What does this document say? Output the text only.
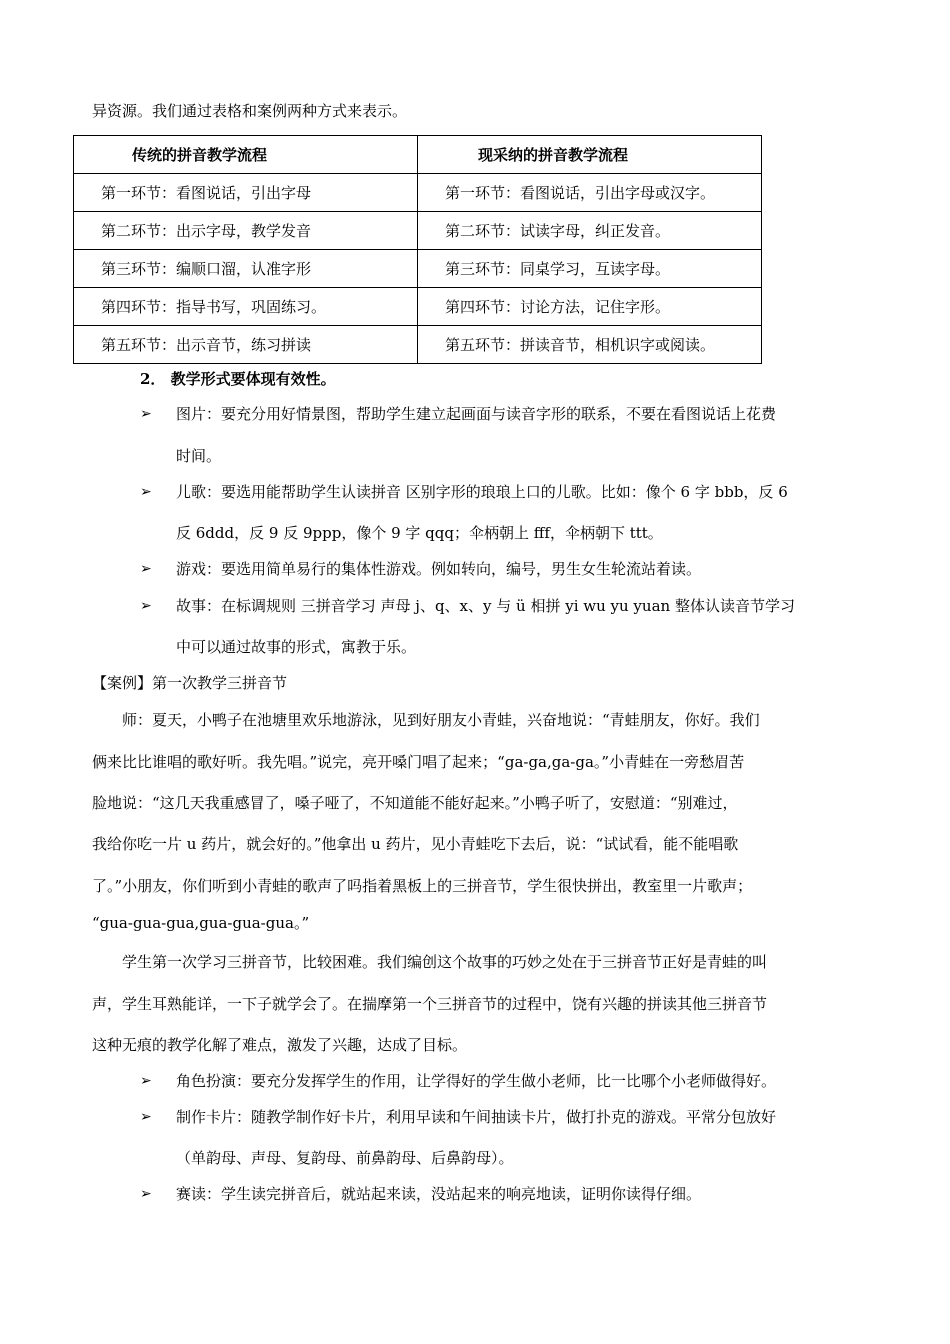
异资源。我们通过表格和案例两种方式来表示。
传统的拼音教学流程	现采纳的拼音教学流程
第一环节：看图说话，引出字母	第一环节：看图说话，引出字母或汉字。
第二环节：出示字母，教学发音	第二环节：试读字母，纠正发音。
第三环节：编顺口溜，认准字形	第三环节：同桌学习，互读字母。
第四环节：指导书写，巩固练习。	第四环节：讨论方法，记住字形。
第五环节：出示音节，练习拼读	第五环节：拼读音节，相机识字或阅读。
2． 教学形式要体现有效性。
➢ 图片：要充分用好情景图，帮助学生建立起画面与读音字形的联系，不要在看图说话上花费
时间。
➢ 儿歌：要选用能帮助学生认读拼音 区别字形的琅琅上口的儿歌。比如：像个 6 字 bbb，反 6
反 6ddd，反 9 反 9ppp，像个 9 字 qqq；伞柄朝上 fff，伞柄朝下 ttt。
➢ 游戏：要选用简单易行的集体性游戏。例如转向，编号，男生女生轮流站着读。
➢ 故事：在标调规则 三拼音学习 声母 j、q、x、y 与 ü 相拼 yi wu yu yuan 整体认读音节学习
中可以通过故事的形式，寓教于乐。
【案例】第一次教学三拼音节
　　师：夏天，小鸭子在池塘里欢乐地游泳，见到好朋友小青蛙，兴奋地说：“青蛙朋友，你好。我们
俩来比比谁唱的歌好听。我先唱。”说完，亮开嗓门唱了起来；“ga-ga,ga-ga。”小青蛙在一旁愁眉苦
脸地说：“这几天我重感冒了，嗓子哑了，不知道能不能好起来。”小鸭子听了，安慰道：“别难过，
我给你吃一片 u 药片，就会好的。”他拿出 u 药片，见小青蛙吃下去后，说：“试试看，能不能唱歌
了。”小朋友，你们听到小青蛙的歌声了吗指着黑板上的三拼音节，学生很快拼出，教室里一片歌声；
“gua-gua-gua,gua-gua-gua。”
　　学生第一次学习三拼音节，比较困难。我们编创这个故事的巧妙之处在于三拼音节正好是青蛙的叫
声，学生耳熟能详，一下子就学会了。在揣摩第一个三拼音节的过程中，饶有兴趣的拼读其他三拼音节
这种无痕的教学化解了难点，激发了兴趣，达成了目标。
➢ 角色扮演：要充分发挥学生的作用，让学得好的学生做小老师，比一比哪个小老师做得好。
➢ 制作卡片：随教学制作好卡片，利用早读和午间抽读卡片，做打扑克的游戏。平常分包放好
（单韵母、声母、复韵母、前鼻韵母、后鼻韵母）。
➢ 赛读：学生读完拼音后，就站起来读，没站起来的响亮地读，证明你读得仔细。
